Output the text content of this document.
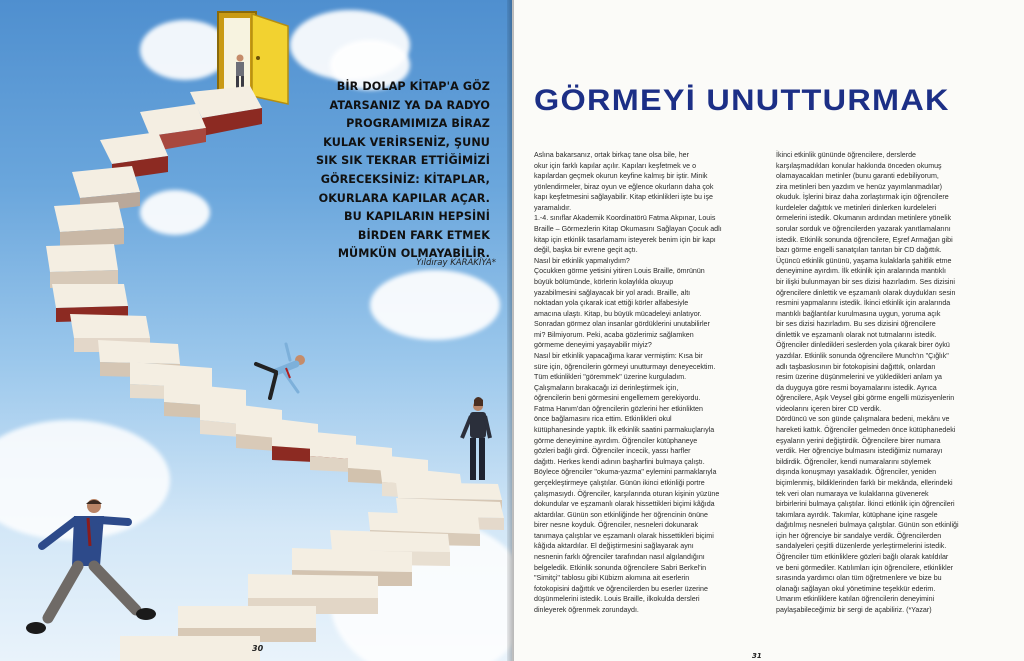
BİR DOLAP KİTAP'A GÖZ
ATARSANIZ YA DA RADYO
PROGRAMIMIZA BİRAZ
KULAK VERİRSENİZ, ŞUNU
SIK SIK TEKRAR ETTİĞİMİZİ
GÖRECEKSİNİZ: KİTAPLAR,
OKURLARA KAPILAR AÇAR.
BU KAPILARIN HEPSİNİ
BİRDEN FARK ETMEK
MÜMKÜN OLMAYABİLİR.
Yıldıray KARAKİYA*
30
GÖRMEYİ UNUTTURMAK

Aslına bakarsanız, ortak birkaç tane olsa bile, her

okur için farklı kapılar açılır. Kapıları keşfetmek ve o

kapılardan geçmek okurun keyfine kalmış bir iştir. Minik

yönlendirmeler, biraz oyun ve eğlence okurların daha çok

kapı keşfetmesini sağlayabilir. Kitap etkinlikleri işte bu işe

yaramalıdır.

1.-4. sınıflar Akademik Koordinatörü Fatma Akpınar, Louis

Braille – Görmezlerin Kitap Okumasını Sağlayan Çocuk adlı

kitap için etkinlik tasarlamamı isteyerek benim için bir kapı

değil, başka bir evrene geçit açtı.

Nasıl bir etkinlik yapmalıydım?

Çocukken görme yetisini yitiren Louis Braille, ömrünün

büyük bölümünde, körlerin kolaylıkla okuyup

yazabilmesini sağlayacak bir yol aradı. Braille, altı

noktadan yola çıkarak icat ettiği körler alfabesiyle

amacına ulaştı. Kitap, bu büyük mücadeleyi anlatıyor.

Sonradan görmez olan insanlar gördüklerini unutabilirler

mi? Bilmiyorum. Peki, acaba gözlerimiz sağlamken

görmeme deneyimi yaşayabilir miyiz?

Nasıl bir etkinlik yapacağıma karar vermiştim: Kısa bir

süre için, öğrencilerin görmeyi unutturmayı deneyecektim.

Tüm etkinlikleri "göremmek" üzerine kurguladım.

Çalışmaların bırakacağı izi derinleştirmek için,

öğrencilerin beni görmesini engellemem gerekiyordu.

Fatma Hanım'dan öğrencilerin gözlerini her etkinlikten

önce bağlamasını rica ettim. Etkinlikleri okul

kütüphanesinde yaptık. İlk etkinlik saatini parmakuçlarıyla

görme deneyimine ayırdım. Öğrenciler kütüphaneye

gözleri bağlı girdi. Öğrenciler incecik, yassı harfler

dağıttı. Herkes kendi adının başharfini bulmaya çalıştı.

Böylece öğrenciler "okuma-yazma" eylemini parmaklarıyla

gerçekleştirmeye çalıştılar. Günün ikinci etkinliği portre

çalışmasıydı. Öğrenciler, karşılarında oturan kişinin yüzüne

dokundular ve eşzamanlı olarak hissettikleri biçimi kâğıda

aktardılar. Günün son etkinliğinde her öğrencinin önüne

birer nesne koyduk. Öğrenciler, nesneleri dokunarak

tanımaya çalıştılar ve eşzamanlı olarak hissettikleri biçimi

kâğıda aktardılar. El değiştirmesini sağlayarak aynı

nesnenin farklı öğrenciler tarafından nasıl algılandığını

belgeledik. Etkinlik sonunda öğrencilere Sabri Berkel'in

"Simitçi" tablosu gibi Kübizm akımına ait eserlerin

fotokopisini dağıttık ve öğrencilerden bu eserler üzerine

düşünmelerini istedik. Louis Braille, ilkokulda dersleri

dinleyerek öğrenmek zorundaydı.

İkinci etkinlik gününde öğrencilere, derslerde

karşılaşmadıkları konular hakkında önceden okumuş

olamayacakları metinler (bunu garanti edebiliyorum,

zira metinleri ben yazdım ve henüz yayımlanmadılar)

okuduk. İşlerini biraz daha zorlaştırmak için öğrencilere

kurdeleler dağıttık ve metinleri dinlerken kurdeleleri

örmelerini istedik. Okumanın ardından metinlere yönelik

sorular sorduk ve öğrencilerden yazarak yanıtlamalarını

istedik. Etkinlik sonunda öğrencilere, Eşref Armağan gibi

bazı görme engelli sanatçıları tanıtan bir CD dağıttık.

Üçüncü etkinlik gününü, yaşama kulaklarla şahitlik etme

deneyimine ayırdım. İlk etkinlik için aralarında mantıklı

bir ilişki bulunmayan bir ses dizisi hazırladım. Ses dizisini

öğrencilere dinlettik ve eşzamanlı olarak duydukları sesin

resmini yapmalarını istedik. İkinci etkinlik için aralarında

mantıklı bağlantılar kurulmasına uygun, yoruma açık

bir ses dizisi hazırladım. Bu ses dizisini öğrencilere

dinlettik ve eşzamanlı olarak not tutmalarını istedik.

Öğrenciler dinledikleri seslerden yola çıkarak birer öykü

yazdılar. Etkinlik sonunda öğrencilere Munch'ın "Çığlık"

adlı taşbaskısının bir fotokopisini dağıttık, onlardan

resim üzerine düşünmelerini ve yükledikleri anlam ya

da duyguya göre resmi boyamalarını istedik. Ayrıca

öğrencilere, Aşık Veysel gibi görme engelli müzisyenlerin

videolarını içeren birer CD verdik.

Dördüncü ve son günde çalışmalara bedeni, mekânı ve

hareketi kattık. Öğrenciler gelmeden önce kütüphanedeki

eşyaların yerini değiştirdik. Öğrencilere birer numara

verdik. Her öğrenciye bulmasını istediğimiz numarayı

bildirdik. Öğrenciler, kendi numaralarını söylemek

dışında konuşmayı yasakladık. Öğrenciler, yeniden

biçimlenmiş, bildiklerinden farklı bir mekânda, ellerindeki

tek veri olan numaraya ve kulaklarına güvenerek

birbirlerini bulmaya çalıştılar. İkinci etkinlik için öğrencileri

takımlara ayırdık. Takımlar, kütüphane içine rasgele

dağıtılmış nesneleri bulmaya çalıştılar. Günün son etkinliği

için her öğrenciye bir sandalye verdik. Öğrencilerden

sandalyeleri çeşitli düzenlerde yerleştirmelerini istedik.

Öğrenciler tüm etkinliklere gözleri bağlı olarak katıldılar

ve beni görmediler. Katılımları için öğrencilere, etkinlikler

sırasında yardımcı olan tüm öğretmenlere ve bize bu

olanağı sağlayan okul yönetimine teşekkür ederim.

Umarım etkinliklere katılan öğrencilerin deneyimini

paylaşabileceğimiz bir sergi de açabiliriz. (*Yazar)

31
